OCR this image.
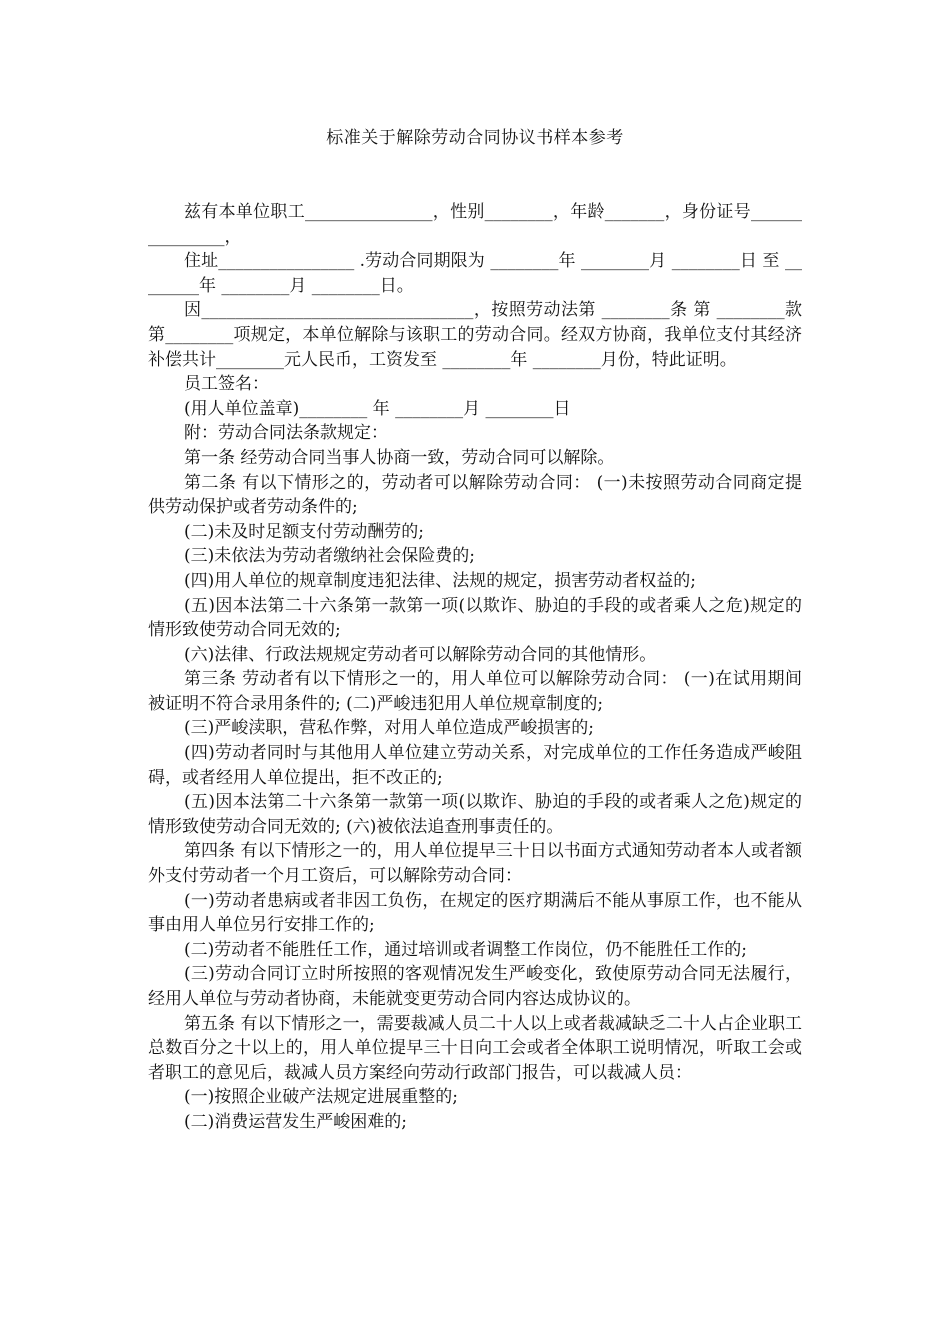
标准关于解除劳动合同协议书样本参考

兹有本单位职工_______________，性别________，年龄_______，身份证号_______________，

住址________________ .劳动合同期限为 ________年 ________月 ________日 至 ________年 ________月 ________日。

因________________________________，按照劳动法第 ________条 第 ________款 第________项规定，本单位解除与该职工的劳动合同。经双方协商，我单位支付其经济补偿共计________元人民币，工资发至 ________年 ________月份，特此证明。

员工签名：

(用人单位盖章)________ 年 ________月 ________日

附：劳动合同法条款规定：

第一条 经劳动合同当事人协商一致，劳动合同可以解除。

第二条 有以下情形之的，劳动者可以解除劳动合同： (一)未按照劳动合同商定提供劳动保护或者劳动条件的;

(二)未及时足额支付劳动酬劳的;

(三)未依法为劳动者缴纳社会保险费的;

(四)用人单位的规章制度违犯法律、法规的规定，损害劳动者权益的;

(五)因本法第二十六条第一款第一项(以欺诈、胁迫的手段的或者乘人之危)规定的情形致使劳动合同无效的;

(六)法律、行政法规规定劳动者可以解除劳动合同的其他情形。

第三条 劳动者有以下情形之一的，用人单位可以解除劳动合同： (一)在试用期间被证明不符合录用条件的; (二)严峻违犯用人单位规章制度的;

(三)严峻渎职，营私作弊，对用人单位造成严峻损害的;

(四)劳动者同时与其他用人单位建立劳动关系，对完成单位的工作任务造成严峻阻碍，或者经用人单位提出，拒不改正的;

(五)因本法第二十六条第一款第一项(以欺诈、胁迫的手段的或者乘人之危)规定的情形致使劳动合同无效的; (六)被依法追查刑事责任的。

第四条 有以下情形之一的，用人单位提早三十日以书面方式通知劳动者本人或者额外支付劳动者一个月工资后，可以解除劳动合同：

(一)劳动者患病或者非因工负伤，在规定的医疗期满后不能从事原工作，也不能从事由用人单位另行安排工作的;

(二)劳动者不能胜任工作，通过培训或者调整工作岗位，仍不能胜任工作的;

(三)劳动合同订立时所按照的客观情况发生严峻变化，致使原劳动合同无法履行，经用人单位与劳动者协商，未能就变更劳动合同内容达成协议的。

第五条 有以下情形之一，需要裁减人员二十人以上或者裁减缺乏二十人占企业职工总数百分之十以上的，用人单位提早三十日向工会或者全体职工说明情况，听取工会或者职工的意见后，裁减人员方案经向劳动行政部门报告，可以裁减人员：

(一)按照企业破产法规定进展重整的;

(二)消费运营发生严峻困难的;
